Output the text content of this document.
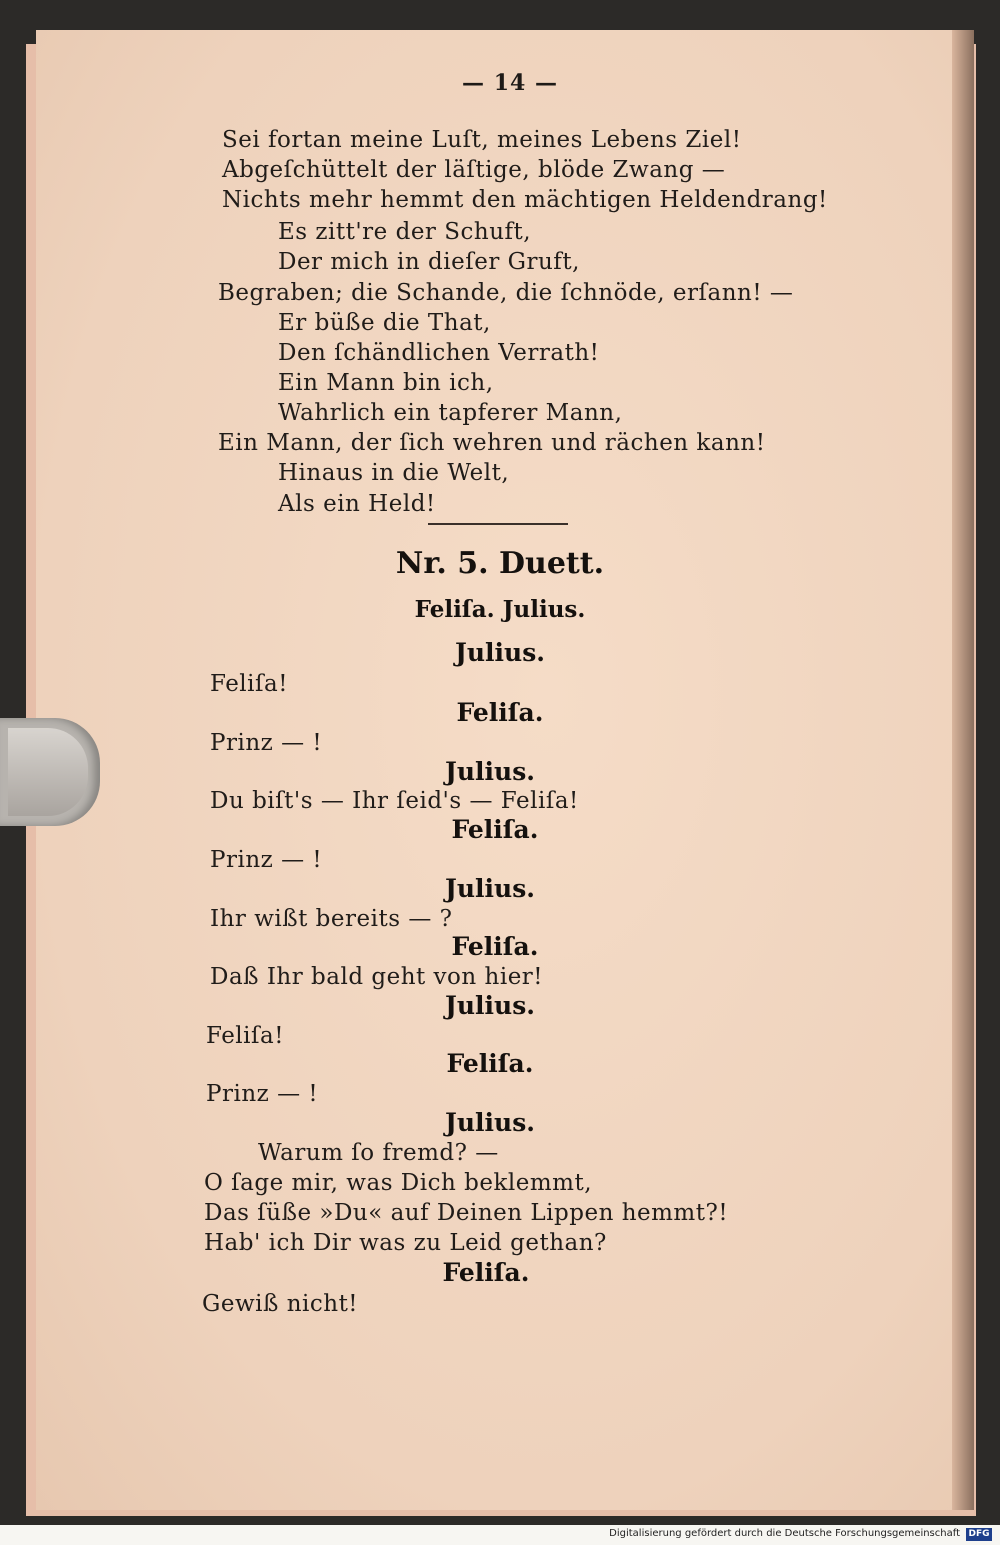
— 14 —
Sei fortan meine Luſt, meines Lebens Ziel!
Abgeſchüttelt der läſtige, blöde Zwang —
Nichts mehr hemmt den mächtigen Heldendrang!
Es zitt're der Schuft,
Der mich in dieſer Gruft,
Begraben; die Schande, die ſchnöde, erſann! —
Er büße die That,
Den ſchändlichen Verrath!
Ein Mann bin ich,
Wahrlich ein tapferer Mann,
Ein Mann, der ſich wehren und rächen kann!
Hinaus in die Welt,
Als ein Held!
Nr. 5. Duett.
Feliſa. Julius.
Julius.
Feliſa!
Feliſa.
Prinz — !
Julius.
Du biſt's — Ihr ſeid's — Feliſa!
Feliſa.
Prinz — !
Julius.
Ihr wißt bereits — ?
Feliſa.
Daß Ihr bald geht von hier!
Julius.
Feliſa!
Feliſa.
Prinz — !
Julius.
Warum ſo fremd? —
O ſage mir, was Dich beklemmt,
Das ſüße »Du« auf Deinen Lippen hemmt?!
Hab' ich Dir was zu Leid gethan?
Feliſa.
Gewiß nicht!
Digitalisierung gefördert durch die Deutsche Forschungsgemeinschaft DFG
